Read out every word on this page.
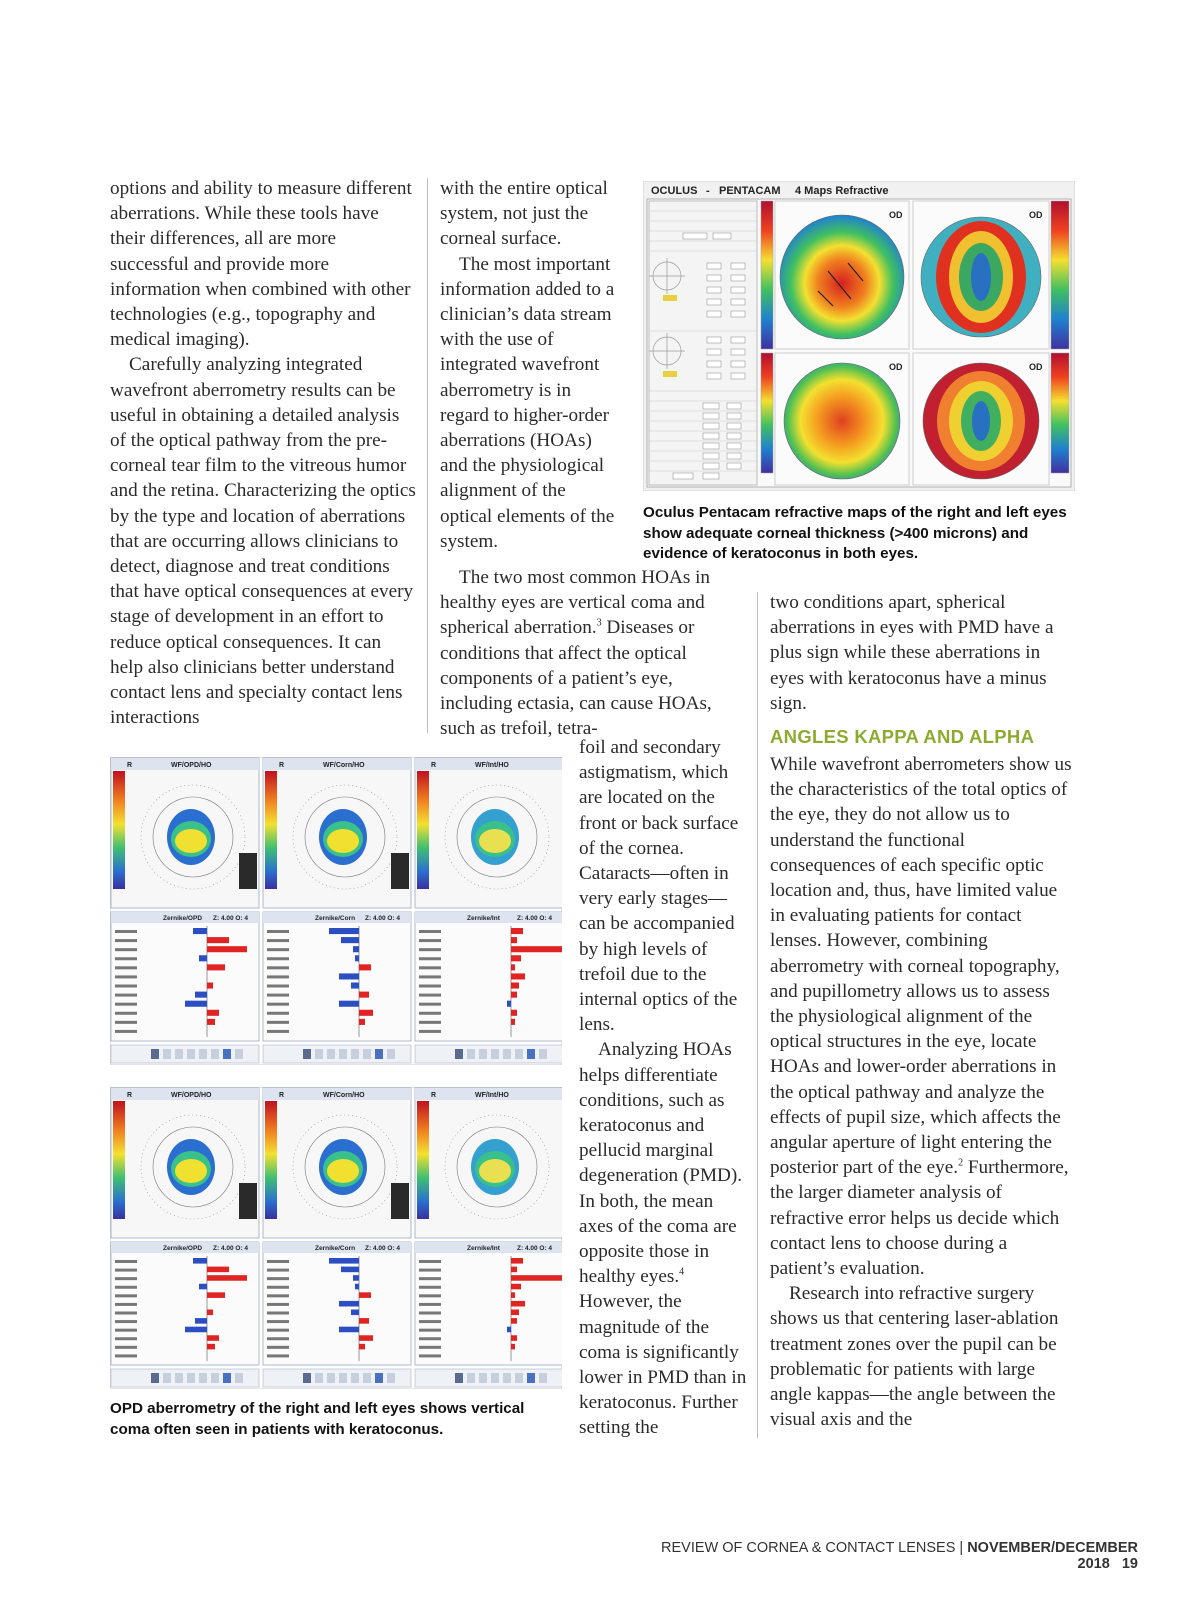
options and ability to measure different aberrations. While these tools have their differences, all are more successful and provide more information when combined with other technologies (e.g., topography and medical imaging).

Carefully analyzing integrated wavefront aberrometry results can be useful in obtaining a detailed analysis of the optical pathway from the pre-corneal tear film to the vitreous humor and the retina. Characterizing the optics by the type and location of aberrations that are occurring allows clinicians to detect, diagnose and treat conditions that have optical consequences at every stage of development in an effort to reduce optical consequences. It can help also clinicians better understand contact lens and specialty contact lens interactions

with the entire optical system, not just the corneal surface.

The most important information added to a clinician’s data stream with the use of integrated wavefront aberrometry is in regard to higher-order aberrations (HOAs) and the physiological alignment of the optical elements of the system.

The two most common HOAs in healthy eyes are vertical coma and spherical aberration.$^3$ Diseases or conditions that affect the optical components of a patient’s eye, including ectasia, can cause HOAs, such as trefoil, tetra-

foil and secondary astigmatism, which are located on the front or back surface of the cornea. Cataracts—often in very early stages—can be accompanied by high levels of trefoil due to the internal optics of the lens.

Analyzing HOAs helps differentiate conditions, such as keratoconus and pellucid marginal degeneration (PMD). In both, the mean axes of the coma are opposite those in healthy eyes.$^4$ However, the magnitude of the coma is significantly lower in PMD than in keratoconus. Further setting the

two conditions apart, spherical aberrations in eyes with PMD have a plus sign while these aberrations in eyes with keratoconus have a minus sign.

ANGLES KAPPA AND ALPHA

While wavefront aberrometers show us the characteristics of the total optics of the eye, they do not allow us to understand the functional consequences of each specific optic location and, thus, have limited value in evaluating patients for contact lenses. However, combining aberrometry with corneal topography, and pupillometry allows us to assess the physiological alignment of the optical structures in the eye, locate HOAs and lower-order aberrations in the optical pathway and analyze the effects of pupil size, which affects the angular aperture of light entering the posterior part of the eye.$^2$ Furthermore, the larger diameter analysis of refractive error helps us decide which contact lens to choose during a patient’s evaluation.

Research into refractive surgery shows us that centering laser-ablation treatment zones over the pupil can be problematic for patients with large angle kappas—the angle between the visual axis and the

OCULUS - PENTACAM 4 Maps Refractive
OD	OD
OD	OD
Oculus Pentacam refractive maps of the right and left eyes show adequate corneal thickness (>400 microns) and evidence of keratoconus in both eyes.
R	WF/OPD/HO
Zernike/OPD Z: 4.00 O: 4
R	WF/Corn/HO
Zernike/Corn Z: 4.00 O: 4
R	WF/Int/HO
Zernike/Int	Z: 4.00 O: 4
R	WF/OPD/HO
Zernike/OPD Z: 4.00 O: 4
R	WF/Corn/HO
Zernike/Corn Z: 4.00 O: 4
R	WF/Int/HO
Zernike/Int	Z: 4.00 O: 4
OPD aberrometry of the right and left eyes shows vertical coma often seen in patients with keratoconus.
REVIEW OF CORNEA & CONTACT LENSES | NOVEMBER/DECEMBER 2018 19
